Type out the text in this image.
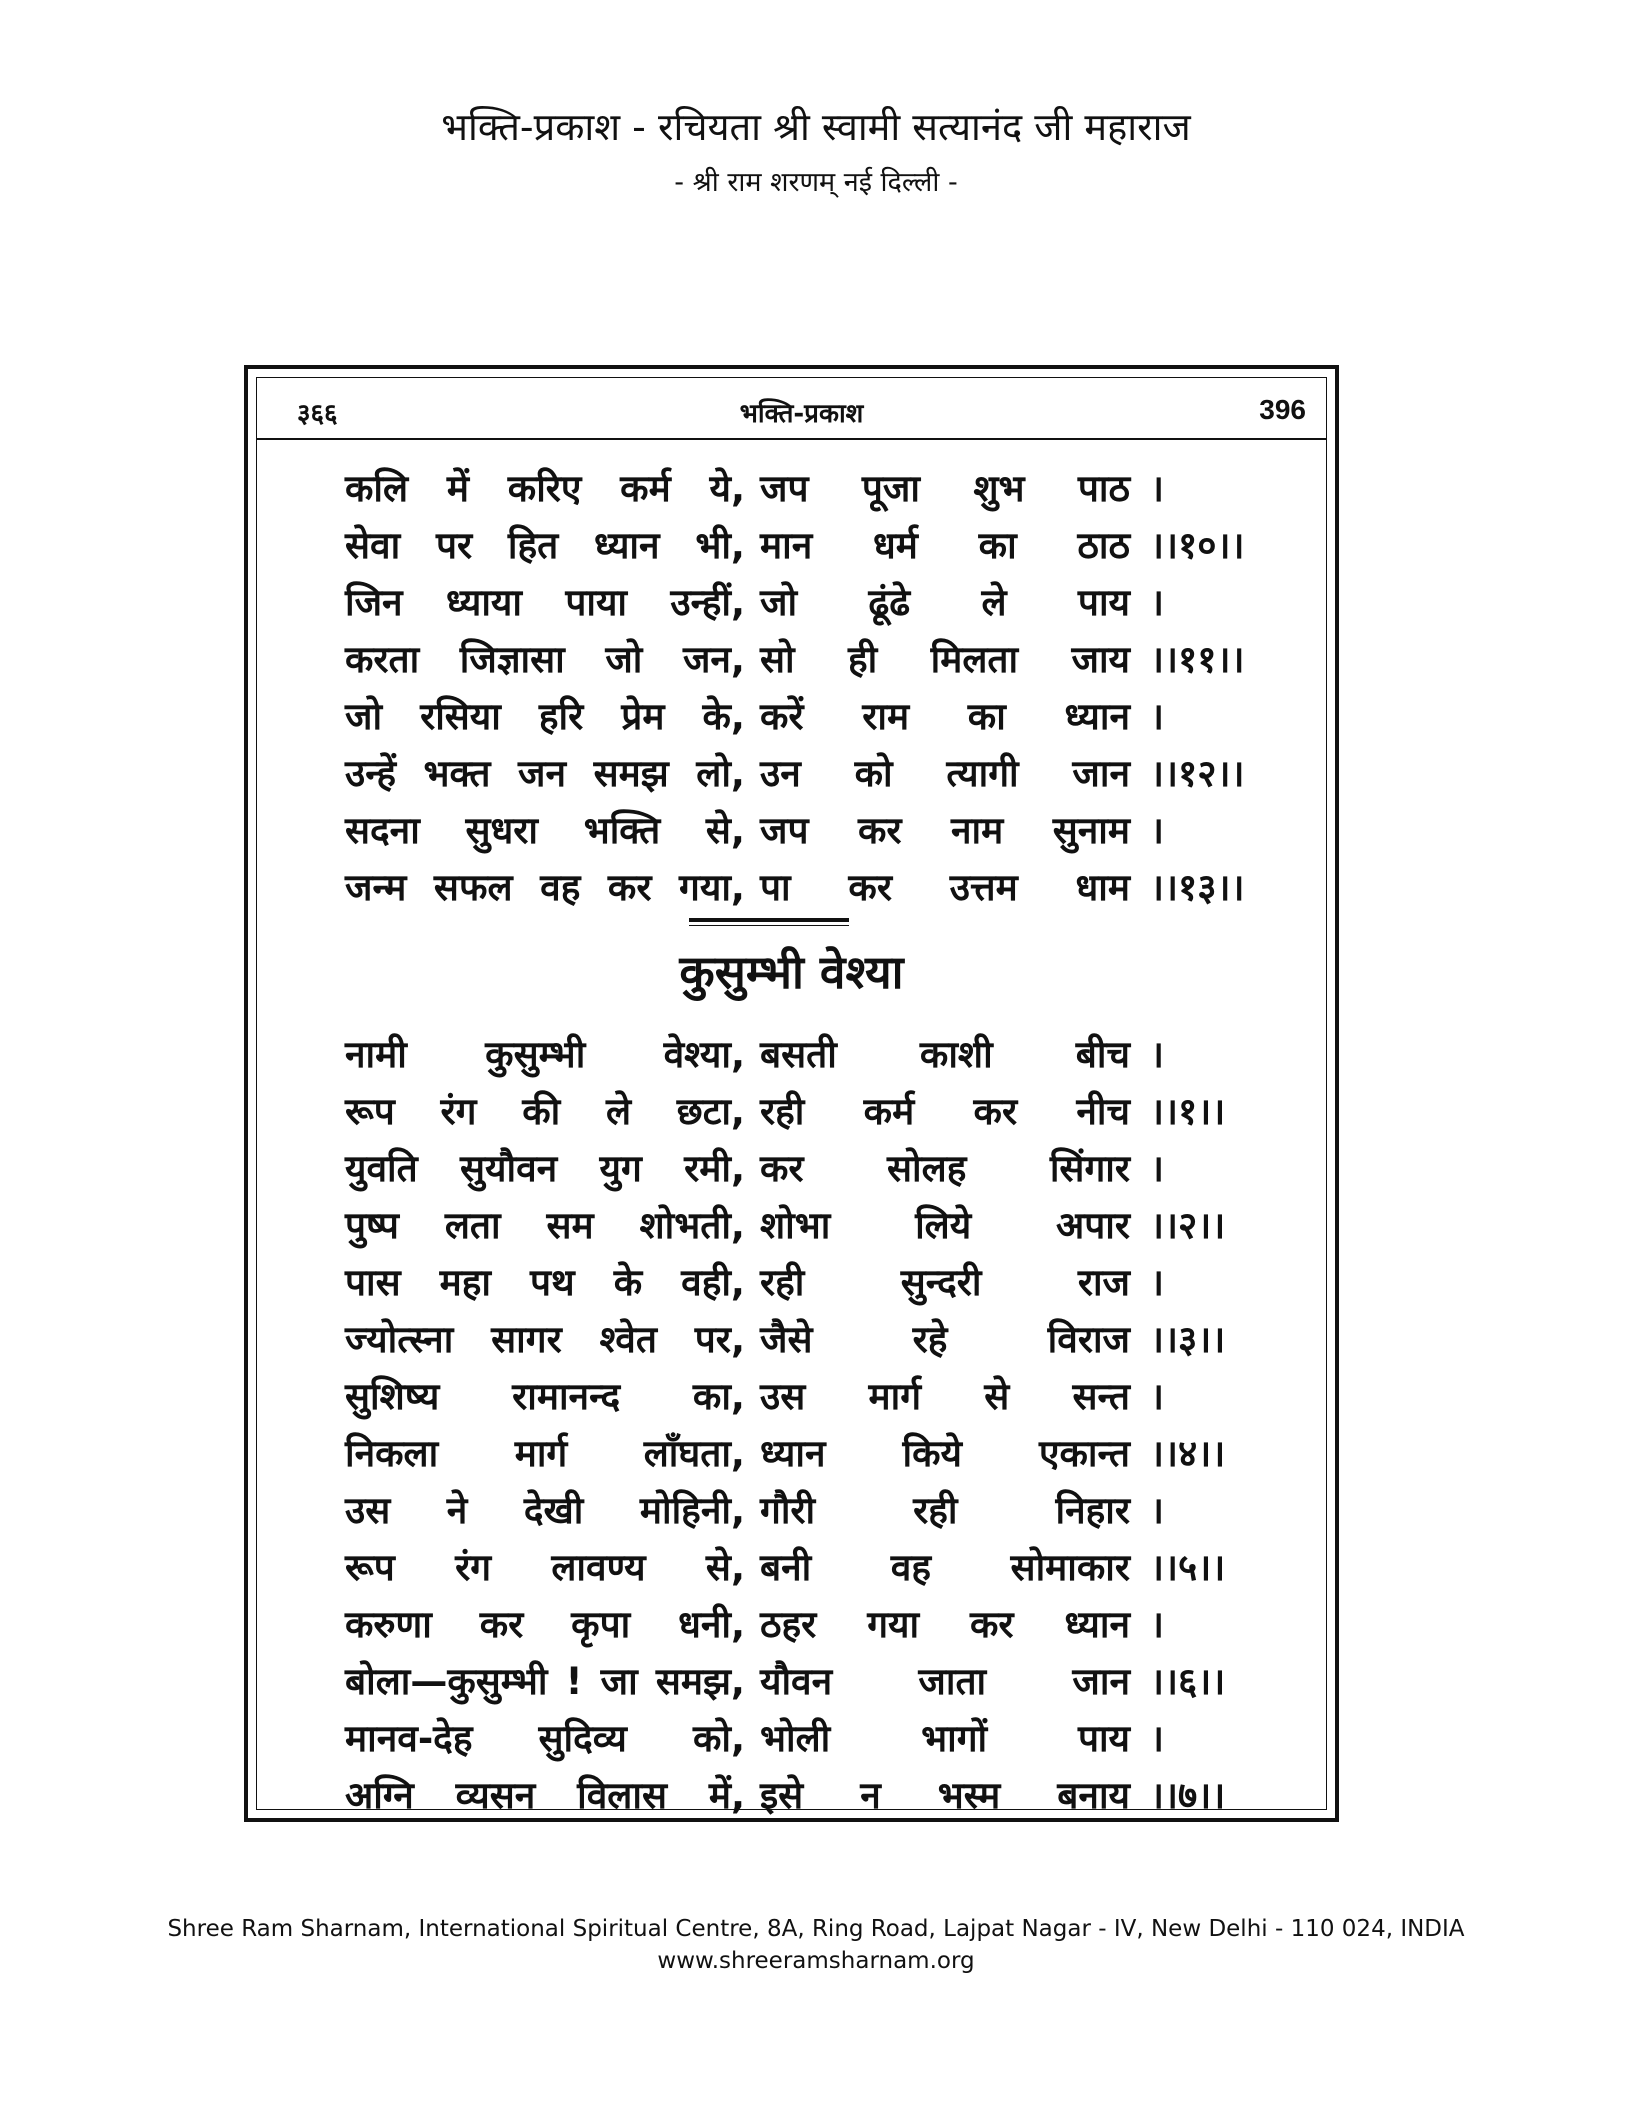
भक्ति-प्रकाश - रचियता श्री स्वामी सत्यानंद जी महाराज
- श्री राम शरणम् नई दिल्ली -
३६६	भक्ति-प्रकाश	396
कलि में करिए कर्म ये, जप पूजा शुभ पाठ ।
सेवा पर हित ध्यान भी, मान धर्म का ठाठ ।।१०।।
जिन ध्याया पाया उन्हीं, जो ढूंढे ले पाय ।
करता जिज्ञासा जो जन, सो ही मिलता जाय ।।११।।
जो रसिया हरि प्रेम के, करें राम का ध्यान ।
उन्हें भक्त जन समझ लो, उन को त्यागी जान ।।१२।।
सदना सुधरा भक्ति से, जप कर नाम सुनाम ।
जन्म सफल वह कर गया, पा कर उत्तम धाम ।।१३।।
कुसुम्भी वेश्या
नामी कुसुम्भी वेश्या, बसती काशी बीच ।
रूप रंग की ले छटा, रही कर्म कर नीच ।।१।।
युवति सुयौवन युग रमी, कर सोलह सिंगार ।
पुष्प लता सम शोभती, शोभा लिये अपार ।।२।।
पास महा पथ के वही, रही सुन्दरी राज ।
ज्योत्स्ना सागर श्वेत पर, जैसे रहे विराज ।।३।।
सुशिष्य रामानन्द का, उस मार्ग से सन्त ।
निकला मार्ग लाँघता, ध्यान किये एकान्त ।।४।।
उस ने देखी मोहिनी, गौरी रही निहार ।
रूप रंग लावण्य से, बनी वह सोमाकार ।।५।।
करुणा कर कृपा धनी, ठहर गया कर ध्यान ।
बोला—कुसुम्भी ! जा समझ, यौवन जाता जान ।।६।।
मानव-देह सुदिव्य को, भोली भागों पाय ।
अग्नि व्यसन विलास में, इसे न भस्म बनाय ।।७।।
Shree Ram Sharnam, International Spiritual Centre, 8A, Ring Road, Lajpat Nagar - IV, New Delhi - 110 024, INDIA
www.shreeramsharnam.org
